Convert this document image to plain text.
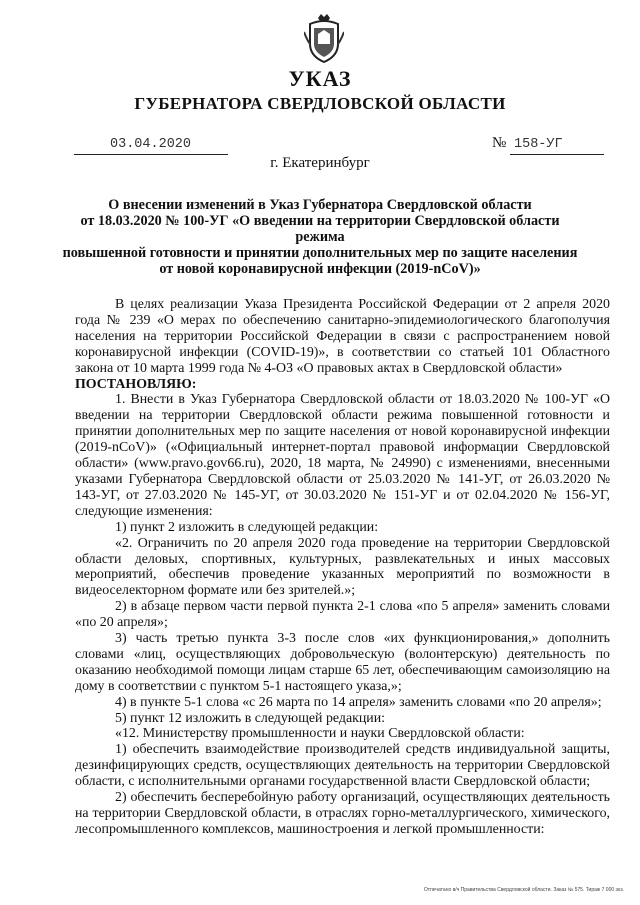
УКАЗ
ГУБЕРНАТОРА СВЕРДЛОВСКОЙ ОБЛАСТИ
03.04.2020	№ 158-УГ
г. Екатеринбург
О внесении изменений в Указ Губернатора Свердловской области
от 18.03.2020 № 100-УГ «О введении на территории Свердловской области режима
повышенной готовности и принятии дополнительных мер по защите населения
от новой коронавирусной инфекции (2019-nCoV)»

В целях реализации Указа Президента Российской Федерации от 2 апреля 2020 года № 239 «О мерах по обеспечению санитарно-эпидемиологического благополучия населения на территории Российской Федерации в связи с распространением новой коронавирусной инфекции (COVID-19)», в соответствии со статьей 101 Областного закона от 10 марта 1999 года № 4-ОЗ «О правовых актах в Свердловской области»

ПОСТАНОВЛЯЮ:

1. Внести в Указ Губернатора Свердловской области от 18.03.2020 № 100-УГ «О введении на территории Свердловской области режима повышенной готовности и принятии дополнительных мер по защите населения от новой коронавирусной инфекции (2019-nCoV)» («Официальный интернет-портал правовой информации Свердловской области» (www.pravo.gov66.ru), 2020, 18 марта, № 24990) с изменениями, внесенными указами Губернатора Свердловской области от 25.03.2020 № 141-УГ, от 26.03.2020 № 143-УГ, от 27.03.2020 № 145-УГ, от 30.03.2020 № 151-УГ и от 02.04.2020 № 156-УГ, следующие изменения:

1) пункт 2 изложить в следующей редакции:

«2. Ограничить по 20 апреля 2020 года проведение на территории Свердловской области деловых, спортивных, культурных, развлекательных и иных массовых мероприятий, обеспечив проведение указанных мероприятий по возможности в видеоселекторном формате или без зрителей.»;

2) в абзаце первом части первой пункта 2-1 слова «по 5 апреля» заменить словами «по 20 апреля»;

3) часть третью пункта 3-3 после слов «их функционирования,» дополнить словами «лиц, осуществляющих добровольческую (волонтерскую) деятельность по оказанию необходимой помощи лицам старше 65 лет, обеспечивающим самоизоляцию на дому в соответствии с пунктом 5-1 настоящего указа,»;

4) в пункте 5-1 слова «с 26 марта по 14 апреля» заменить словами «по 20 апреля»;

5) пункт 12 изложить в следующей редакции:

«12. Министерству промышленности и науки Свердловской области:

1) обеспечить взаимодействие производителей средств индивидуальной защиты, дезинфицирующих средств, осуществляющих деятельность на территории Свердловской области, с исполнительными органами государственной власти Свердловской области;

2) обеспечить бесперебойную работу организаций, осуществляющих деятельность на территории Свердловской области, в отраслях горно-металлургического, химического, лесопромышленного комплексов, машиностроения и легкой промышленности:

Отпечатано в/ч Правительства Свердловской области. Заказ № 575. Тираж 7 000 экз.
